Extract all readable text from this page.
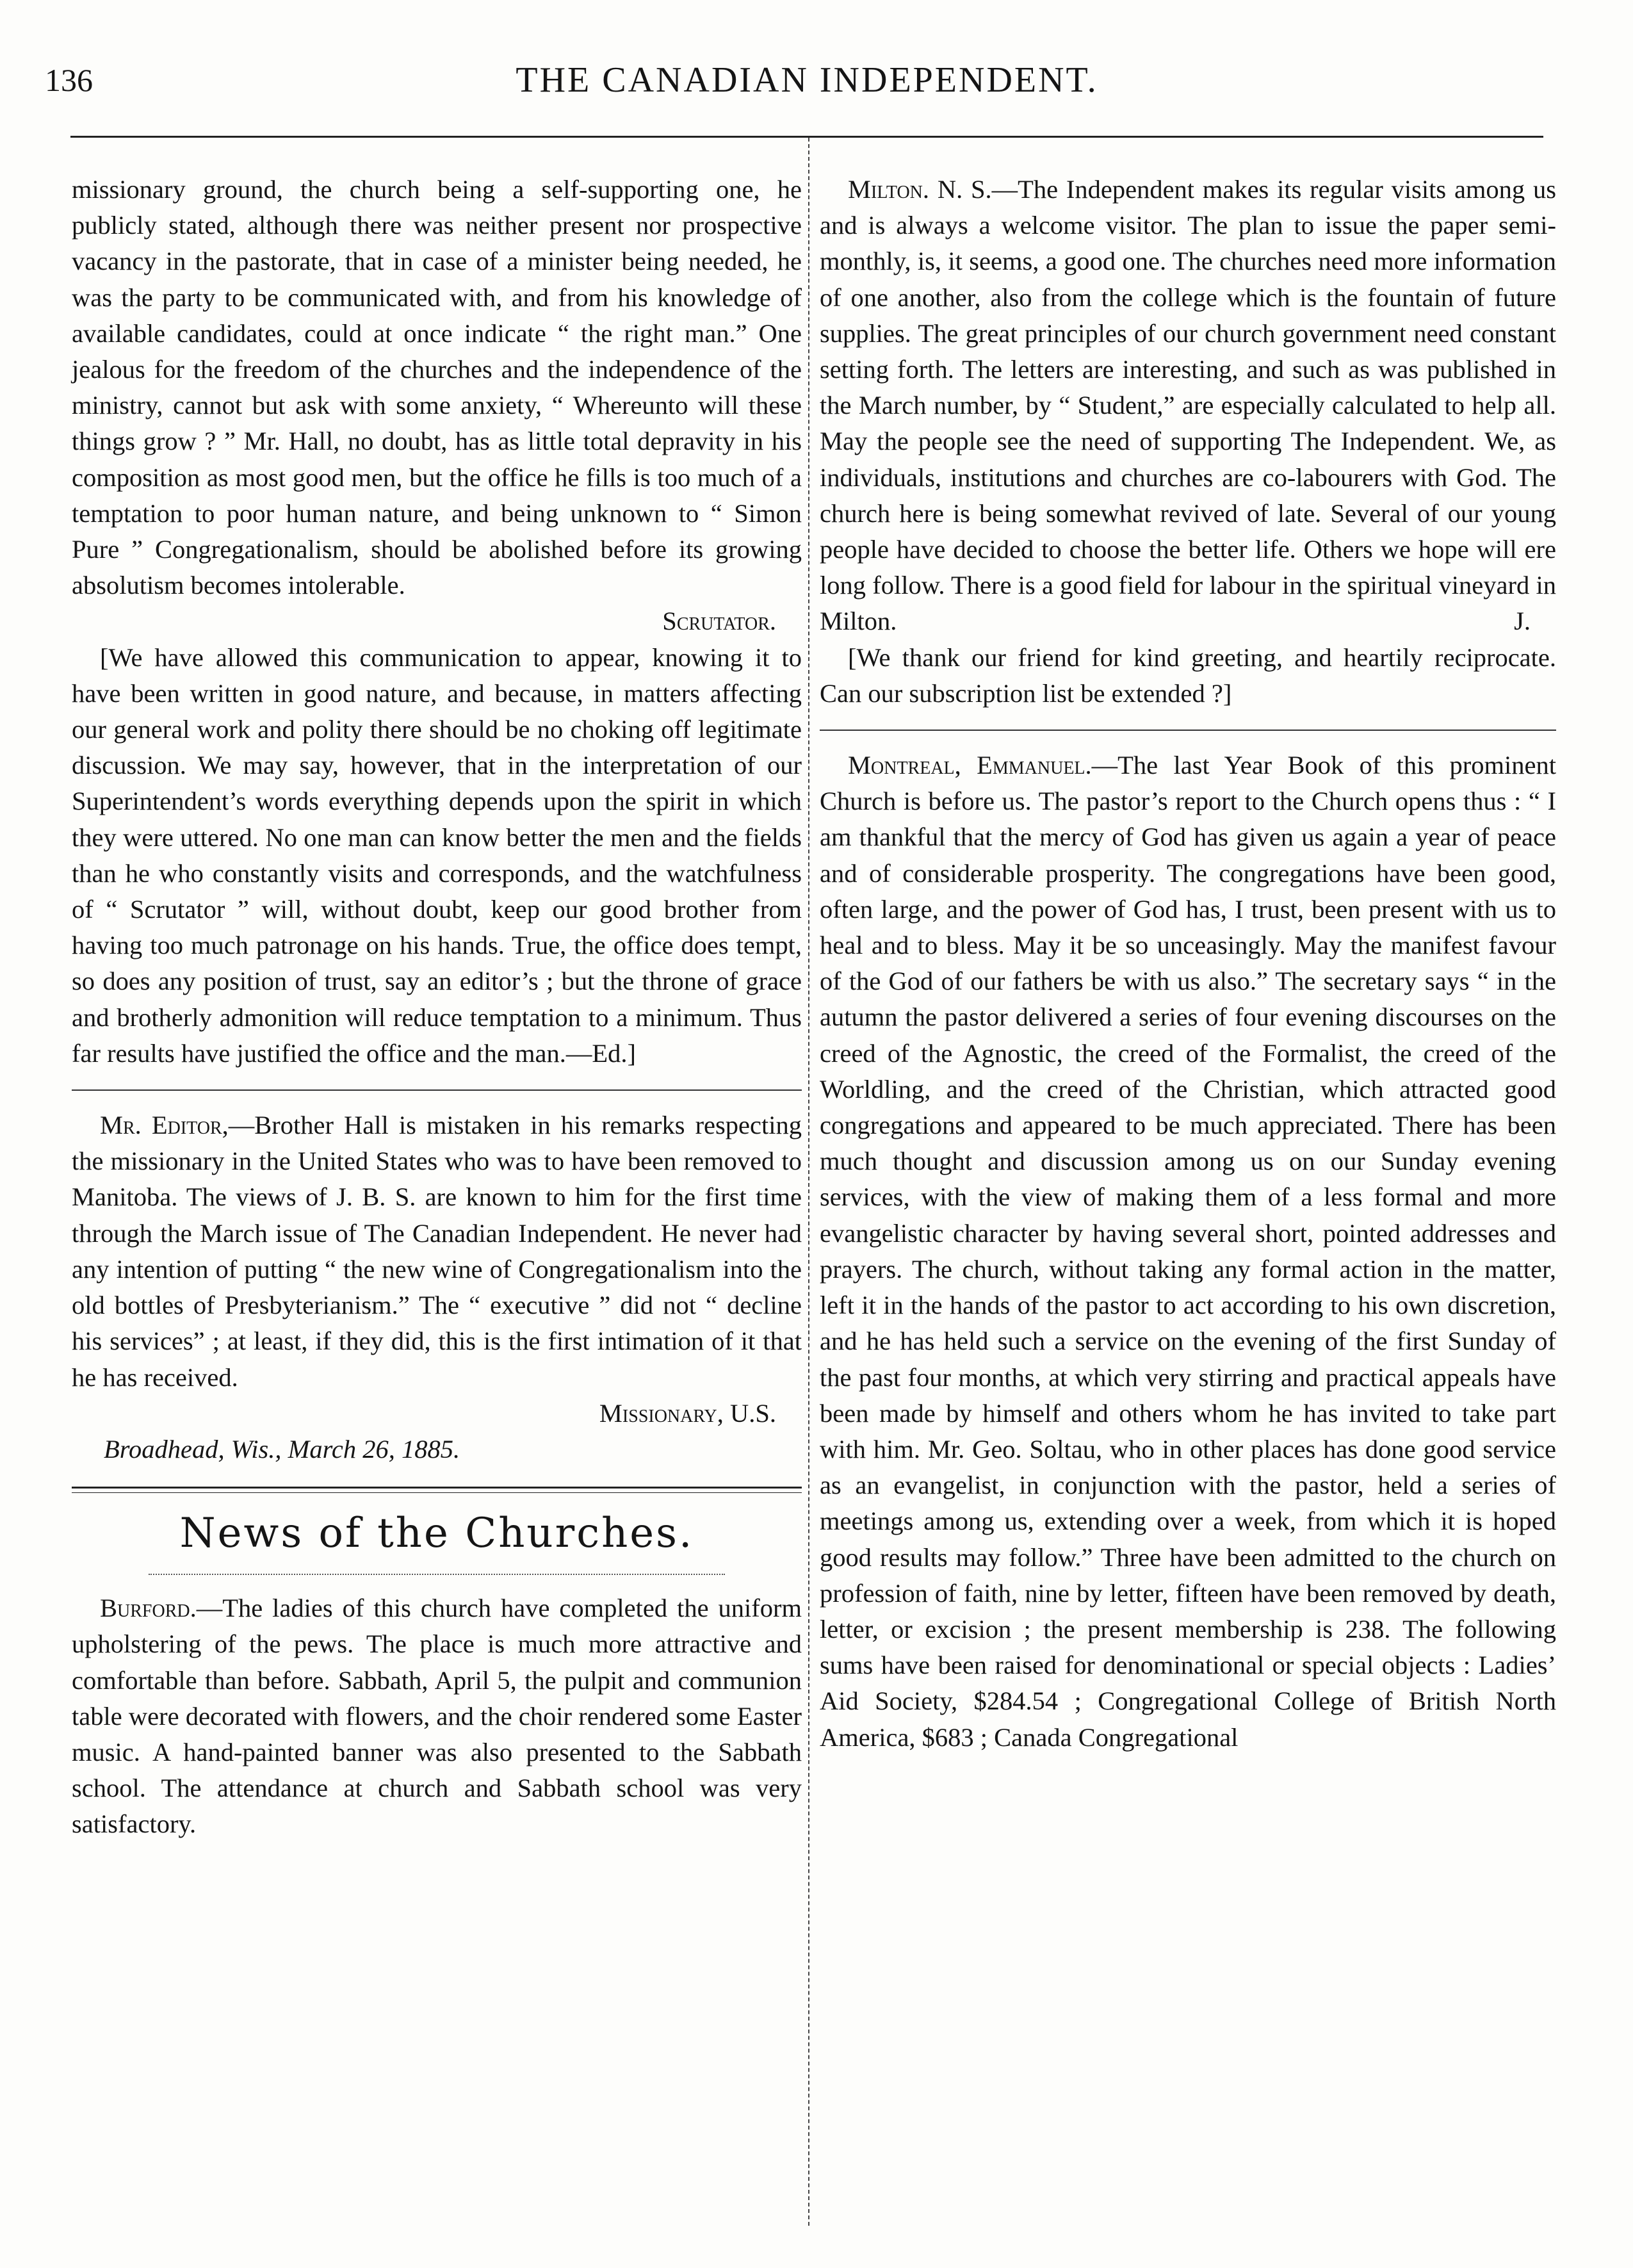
136	THE CANADIAN INDEPENDENT.

missionary ground, the church being a self-supporting one, he publicly stated, although there was neither present nor prospective vacancy in the pastorate, that in case of a minister being needed, he was the party to be communicated with, and from his knowledge of available candidates, could at once indicate “ the right man.” One jealous for the freedom of the churches and the independence of the ministry, cannot but ask with some anxiety, “ Whereunto will these things grow ? ” Mr. Hall, no doubt, has as little total depravity in his composition as most good men, but the office he fills is too much of a temptation to poor human nature, and being unknown to “ Simon Pure ” Congregationalism, should be abolished before its growing absolutism becomes intolerable.

Scrutator.

[We have allowed this communication to appear, knowing it to have been written in good nature, and because, in matters affecting our general work and polity there should be no choking off legitimate discussion. We may say, however, that in the interpretation of our Superintendent’s words everything depends upon the spirit in which they were uttered. No one man can know better the men and the fields than he who constantly visits and corresponds, and the watchfulness of “ Scrutator ” will, without doubt, keep our good brother from having too much patronage on his hands. True, the office does tempt, so does any position of trust, say an editor’s ; but the throne of grace and brotherly admonition will reduce temptation to a minimum. Thus far results have justified the office and the man.—Ed.]

Mr. Editor,—Brother Hall is mistaken in his remarks respecting the missionary in the United States who was to have been removed to Manitoba. The views of J. B. S. are known to him for the first time through the March issue of The Canadian Independent. He never had any intention of putting “ the new wine of Congregationalism into the old bottles of Presbyterianism.” The “ executive ” did not “ decline his services” ; at least, if they did, this is the first intimation of it that he has received.

Missionary, U.S.

Broadhead, Wis., March 26, 1885.

News of the Churches.

Burford.—The ladies of this church have completed the uniform upholstering of the pews. The place is much more attractive and comfortable than before. Sabbath, April 5, the pulpit and communion table were decorated with flowers, and the choir rendered some Easter music. A hand-painted banner was also presented to the Sabbath school. The attendance at church and Sabbath school was very satisfactory.

Milton. N. S.—The Independent makes its regular visits among us and is always a welcome visitor. The plan to issue the paper semi-monthly, is, it seems, a good one. The churches need more information of one another, also from the college which is the fountain of future supplies. The great principles of our church government need constant setting forth. The letters are interesting, and such as was published in the March number, by “ Student,” are especially calculated to help all. May the people see the need of supporting The Independent. We, as individuals, institutions and churches are co-labourers with God. The church here is being somewhat revived of late. Several of our young people have decided to choose the better life. Others we hope will ere long follow. There is a good field for labour in the spiritual vineyard in Milton.	J.

[We thank our friend for kind greeting, and heartily reciprocate. Can our subscription list be extended ?]

Montreal, Emmanuel.—The last Year Book of this prominent Church is before us. The pastor’s report to the Church opens thus : “ I am thankful that the mercy of God has given us again a year of peace and of considerable prosperity. The congregations have been good, often large, and the power of God has, I trust, been present with us to heal and to bless. May it be so unceasingly. May the manifest favour of the God of our fathers be with us also.” The secretary says “ in the autumn the pastor delivered a series of four evening discourses on the creed of the Agnostic, the creed of the Formalist, the creed of the Worldling, and the creed of the Christian, which attracted good congregations and appeared to be much appreciated. There has been much thought and discussion among us on our Sunday evening services, with the view of making them of a less formal and more evangelistic character by having several short, pointed addresses and prayers. The church, without taking any formal action in the matter, left it in the hands of the pastor to act according to his own discretion, and he has held such a service on the evening of the first Sunday of the past four months, at which very stirring and practical appeals have been made by himself and others whom he has invited to take part with him. Mr. Geo. Soltau, who in other places has done good service as an evangelist, in conjunction with the pastor, held a series of meetings among us, extending over a week, from which it is hoped good results may follow.” Three have been admitted to the church on profession of faith, nine by letter, fifteen have been removed by death, letter, or excision ; the present membership is 238. The following sums have been raised for denominational or special objects : Ladies’ Aid Society, $284.54 ; Congregational College of British North America, $683 ; Canada Congregational
